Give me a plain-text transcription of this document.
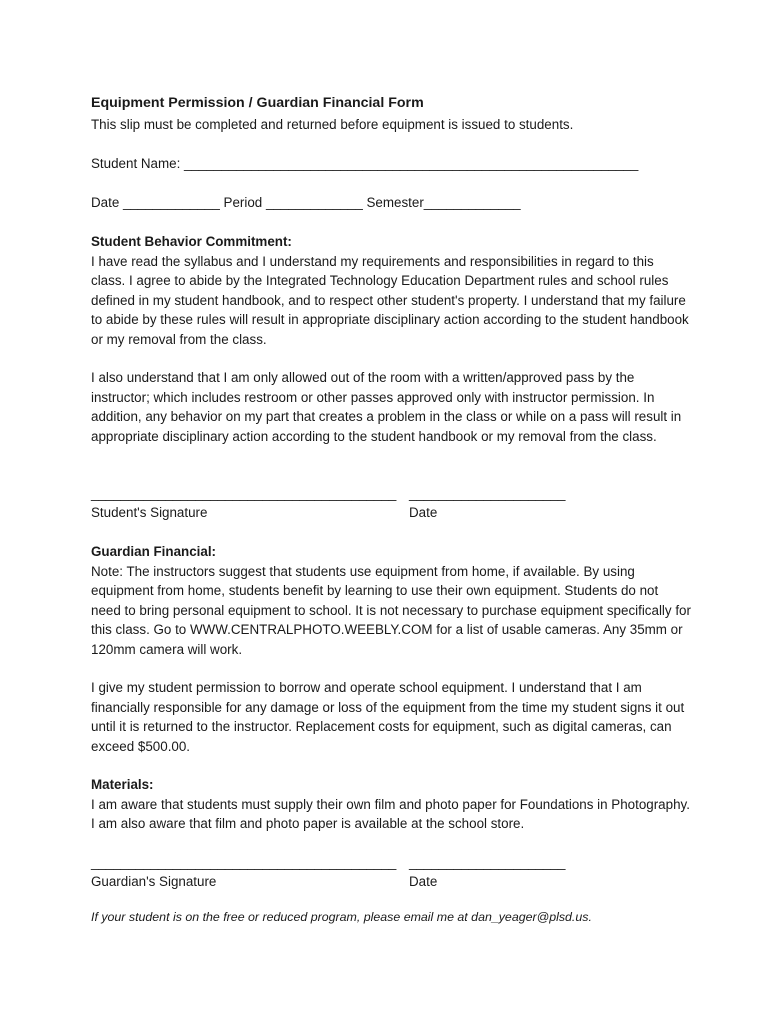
Equipment Permission / Guardian Financial Form
This slip must be completed and returned before equipment is issued to students.
Student Name: _____________________________________________________________
Date _____________ Period _____________ Semester_____________
Student Behavior Commitment:

I have read the syllabus and I understand my requirements and responsibilities in regard to this class. I agree to abide by the Integrated Technology Education Department rules and school rules defined in my student handbook, and to respect other student's property. I understand that my failure to abide by these rules will result in appropriate disciplinary action according to the student handbook or my removal from the class.

I also understand that I am only allowed out of the room with a written/approved pass by the instructor; which includes restroom or other passes approved only with instructor permission. In addition, any behavior on my part that creates a problem in the class or while on a pass will result in appropriate disciplinary action according to the student handbook or my removal from the class.

_________________________________________ _____________________
Student's Signature	Date
Guardian Financial:

Note: The instructors suggest that students use equipment from home, if available. By using equipment from home, students benefit by learning to use their own equipment. Students do not need to bring personal equipment to school. It is not necessary to purchase equipment specifically for this class. Go to WWW.CENTRALPHOTO.WEEBLY.COM for a list of usable cameras. Any 35mm or 120mm camera will work.

I give my student permission to borrow and operate school equipment. I understand that I am financially responsible for any damage or loss of the equipment from the time my student signs it out until it is returned to the instructor. Replacement costs for equipment, such as digital cameras, can exceed $500.00.

Materials:

I am aware that students must supply their own film and photo paper for Foundations in Photography. I am also aware that film and photo paper is available at the school store.

_________________________________________ _____________________
Guardian's Signature	Date
If your student is on the free or reduced program, please email me at dan_yeager@plsd.us.
